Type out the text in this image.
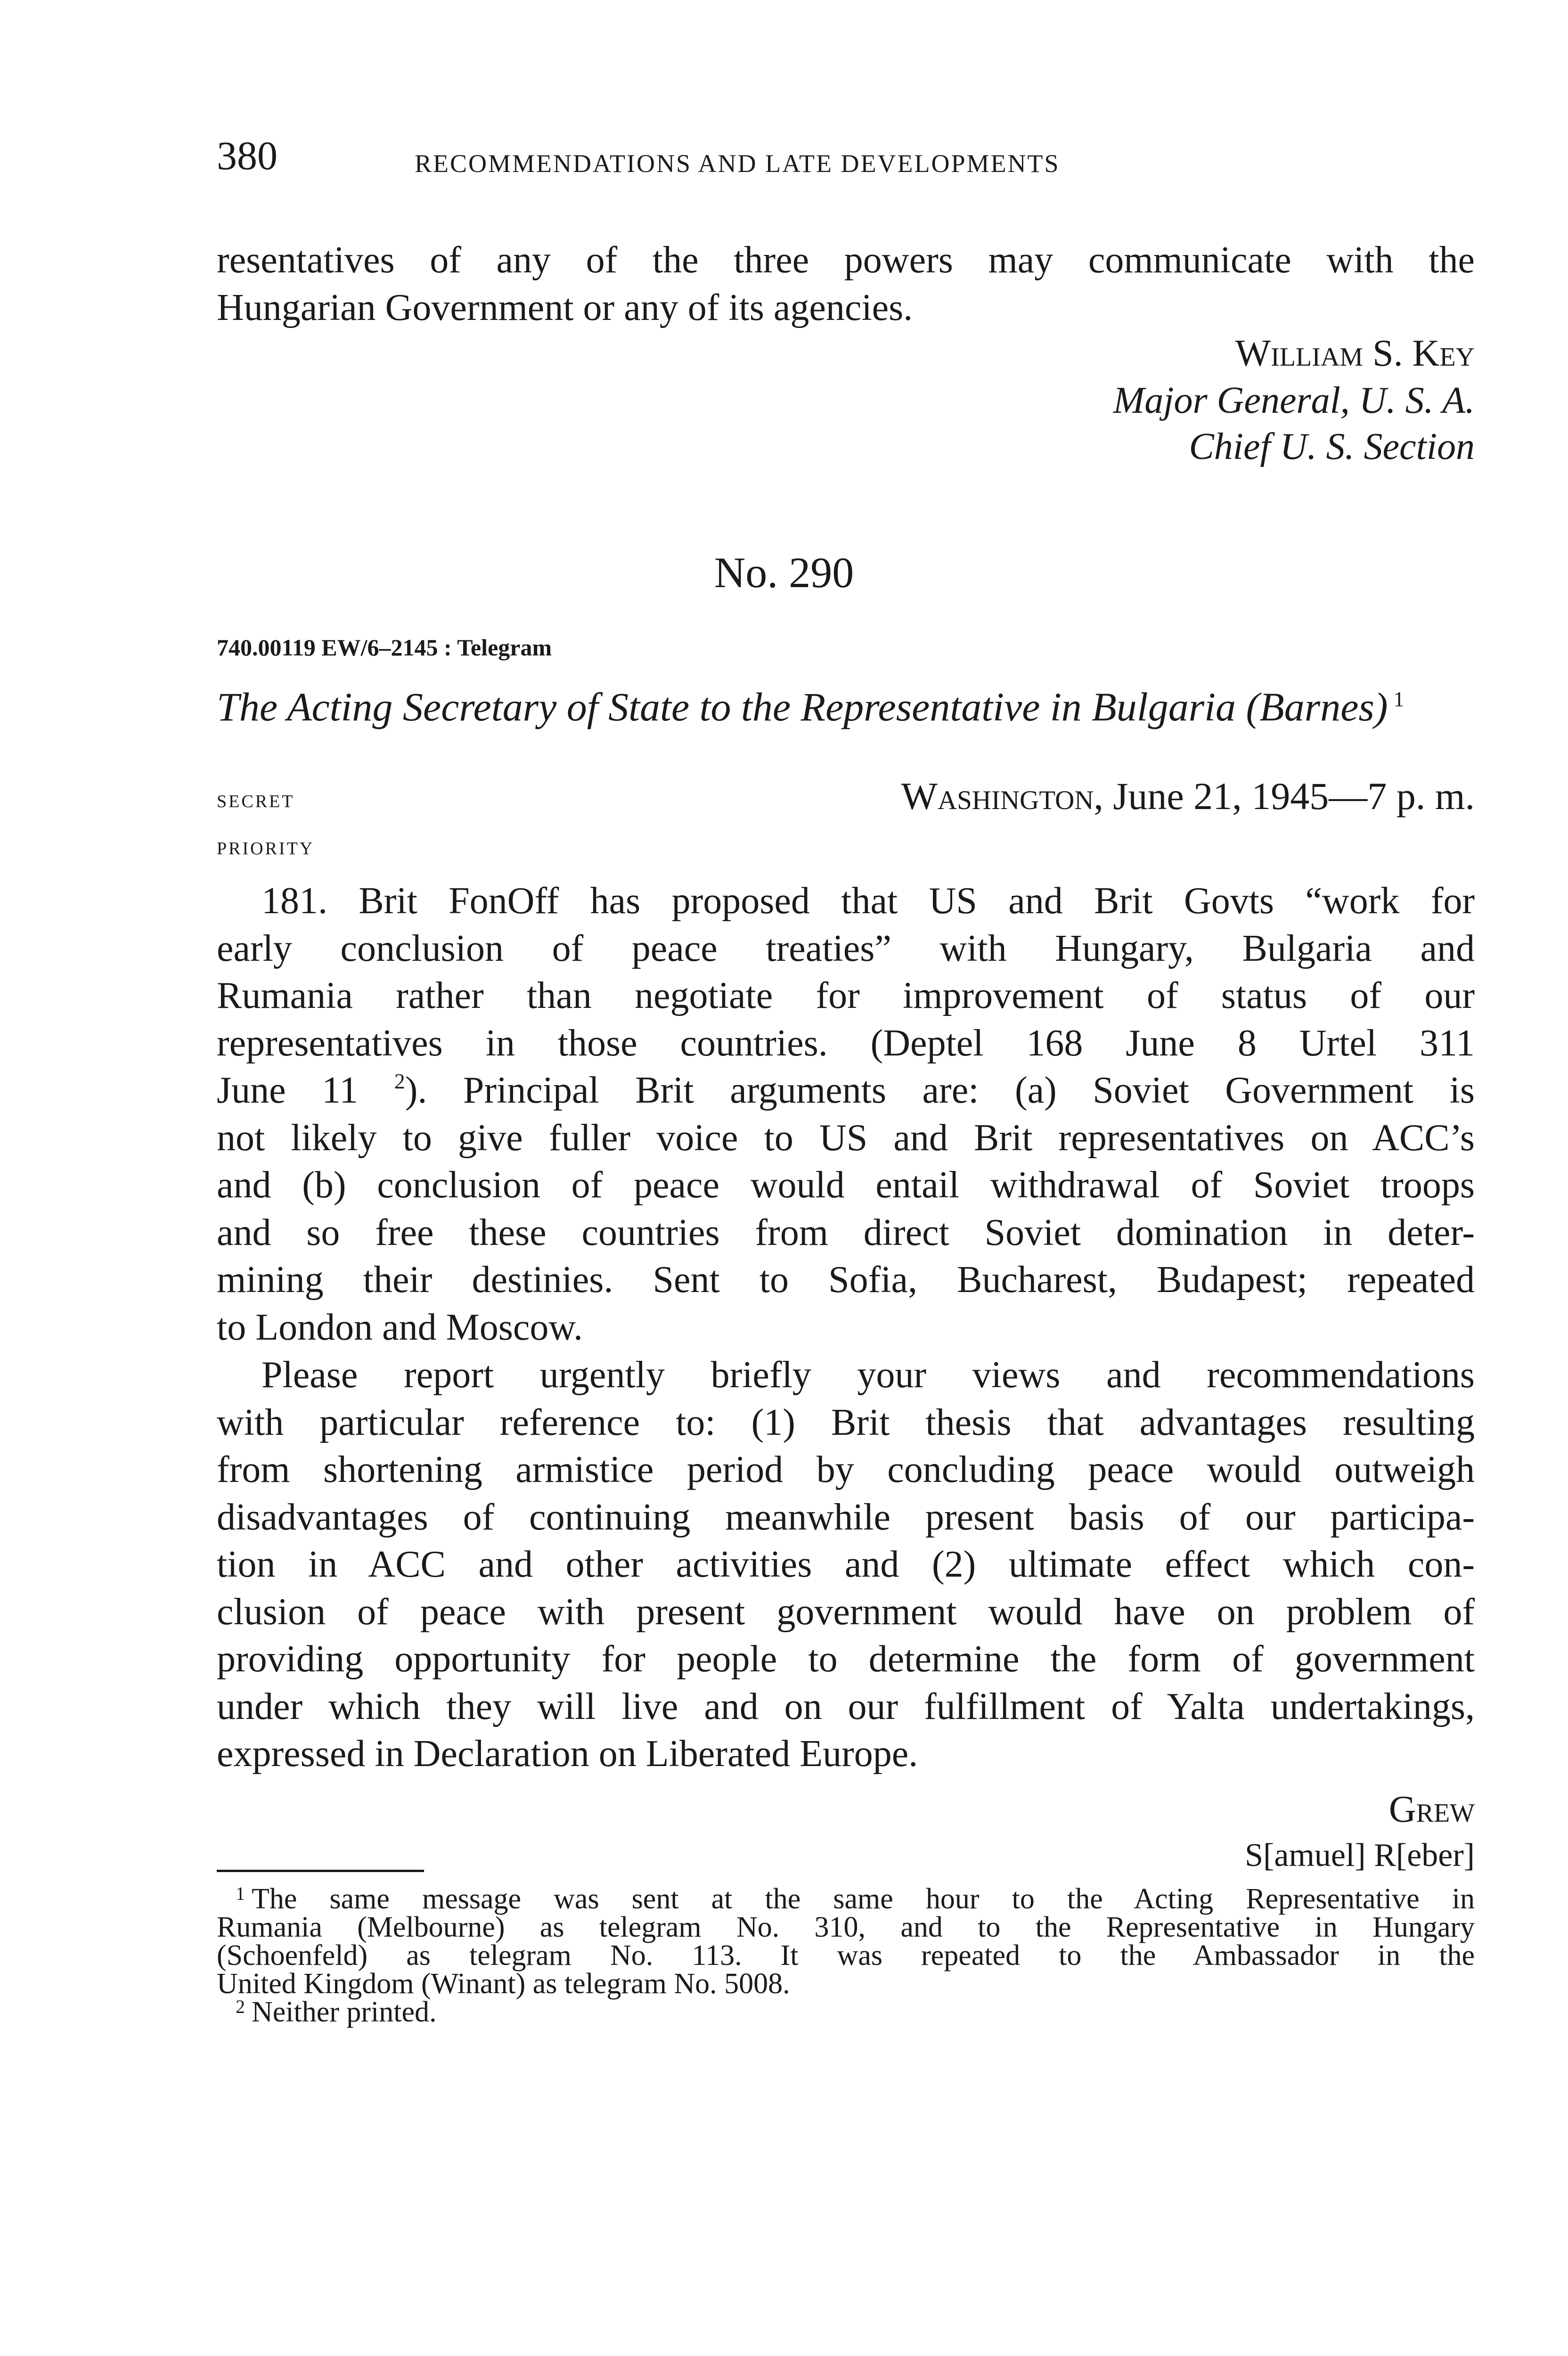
380	RECOMMENDATIONS AND LATE DEVELOPMENTS
resentatives of any of the three powers may communicate with the
Hungarian Government or any of its agencies.
William S. Key
Major General, U. S. A.
Chief U. S. Section
No. 290
740.00119 EW/6–2145 : Telegram
The Acting Secretary of State to the Representative in Bulgaria (Barnes) $^1$
secret
priority
Washington, June 21, 1945—7 p. m.
181. Brit FonOff has proposed that US and Brit Govts “work for
early conclusion of peace treaties” with Hungary, Bulgaria and
Rumania rather than negotiate for improvement of status of our
representatives in those countries. (Deptel 168 June 8 Urtel 311
June 11 $^2$). Principal Brit arguments are: (a) Soviet Government is
not likely to give fuller voice to US and Brit representatives on ACC’s
and (b) conclusion of peace would entail withdrawal of Soviet troops
and so free these countries from direct Soviet domination in deter-
mining their destinies. Sent to Sofia, Bucharest, Budapest; repeated
to London and Moscow.
Please report urgently briefly your views and recommendations
with particular reference to: (1) Brit thesis that advantages resulting
from shortening armistice period by concluding peace would outweigh
disadvantages of continuing meanwhile present basis of our participa-
tion in ACC and other activities and (2) ultimate effect which con-
clusion of peace with present government would have on problem of
providing opportunity for people to determine the form of government
under which they will live and on our fulfillment of Yalta undertakings,
expressed in Declaration on Liberated Europe.
Grew
S[amuel] R[eber]
$^1$ The same message was sent at the same hour to the Acting Representative in
Rumania (Melbourne) as telegram No. 310, and to the Representative in Hungary
(Schoenfeld) as telegram No. 113. It was repeated to the Ambassador in the
United Kingdom (Winant) as telegram No. 5008.
$^2$ Neither printed.
